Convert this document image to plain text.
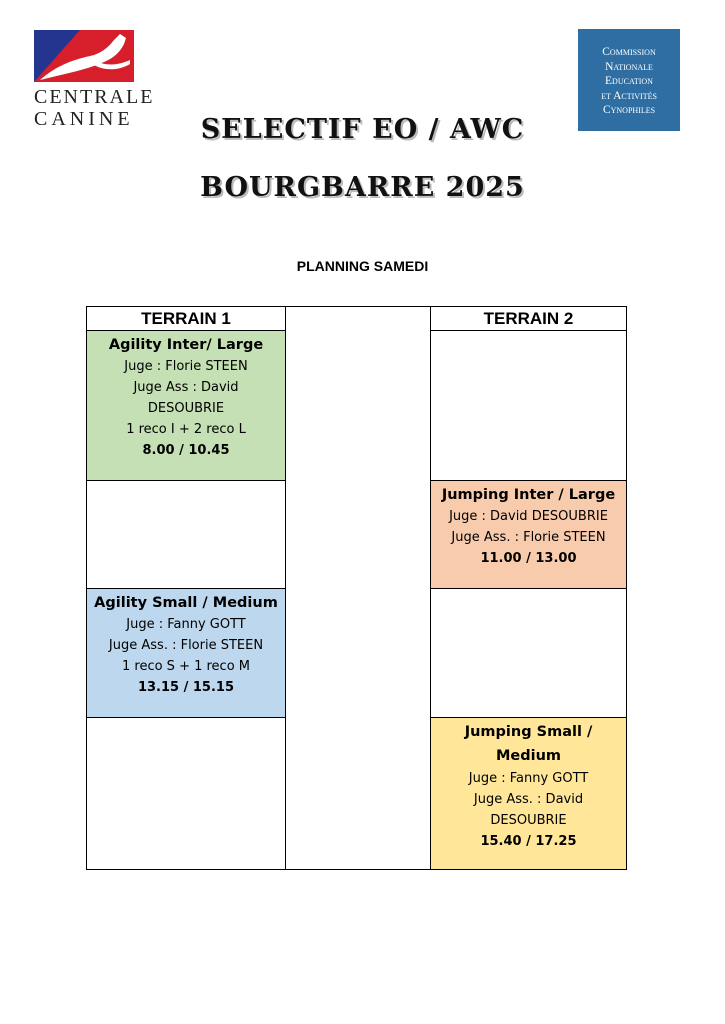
CENTRALE
CANINE
Commission
Nationale
Education
et Activités
Cynophiles
SELECTIF EO / AWC
BOURGBARRE 2025
PLANNING SAMEDI
TERRAIN 1
Agility Inter/ Large
Juge : Florie STEEN
Juge Ass : David
DESOUBRIE
1 reco I + 2 reco L
8.00 / 10.45
Agility Small / Medium
Juge : Fanny GOTT
Juge Ass. : Florie STEEN
1 reco S + 1 reco M
13.15 / 15.15
TERRAIN 2
Jumping Inter / Large
Juge : David DESOUBRIE
Juge Ass. : Florie STEEN
11.00 / 13.00
Jumping Small /
Medium
Juge : Fanny GOTT
Juge Ass. : David
DESOUBRIE
15.40 / 17.25
